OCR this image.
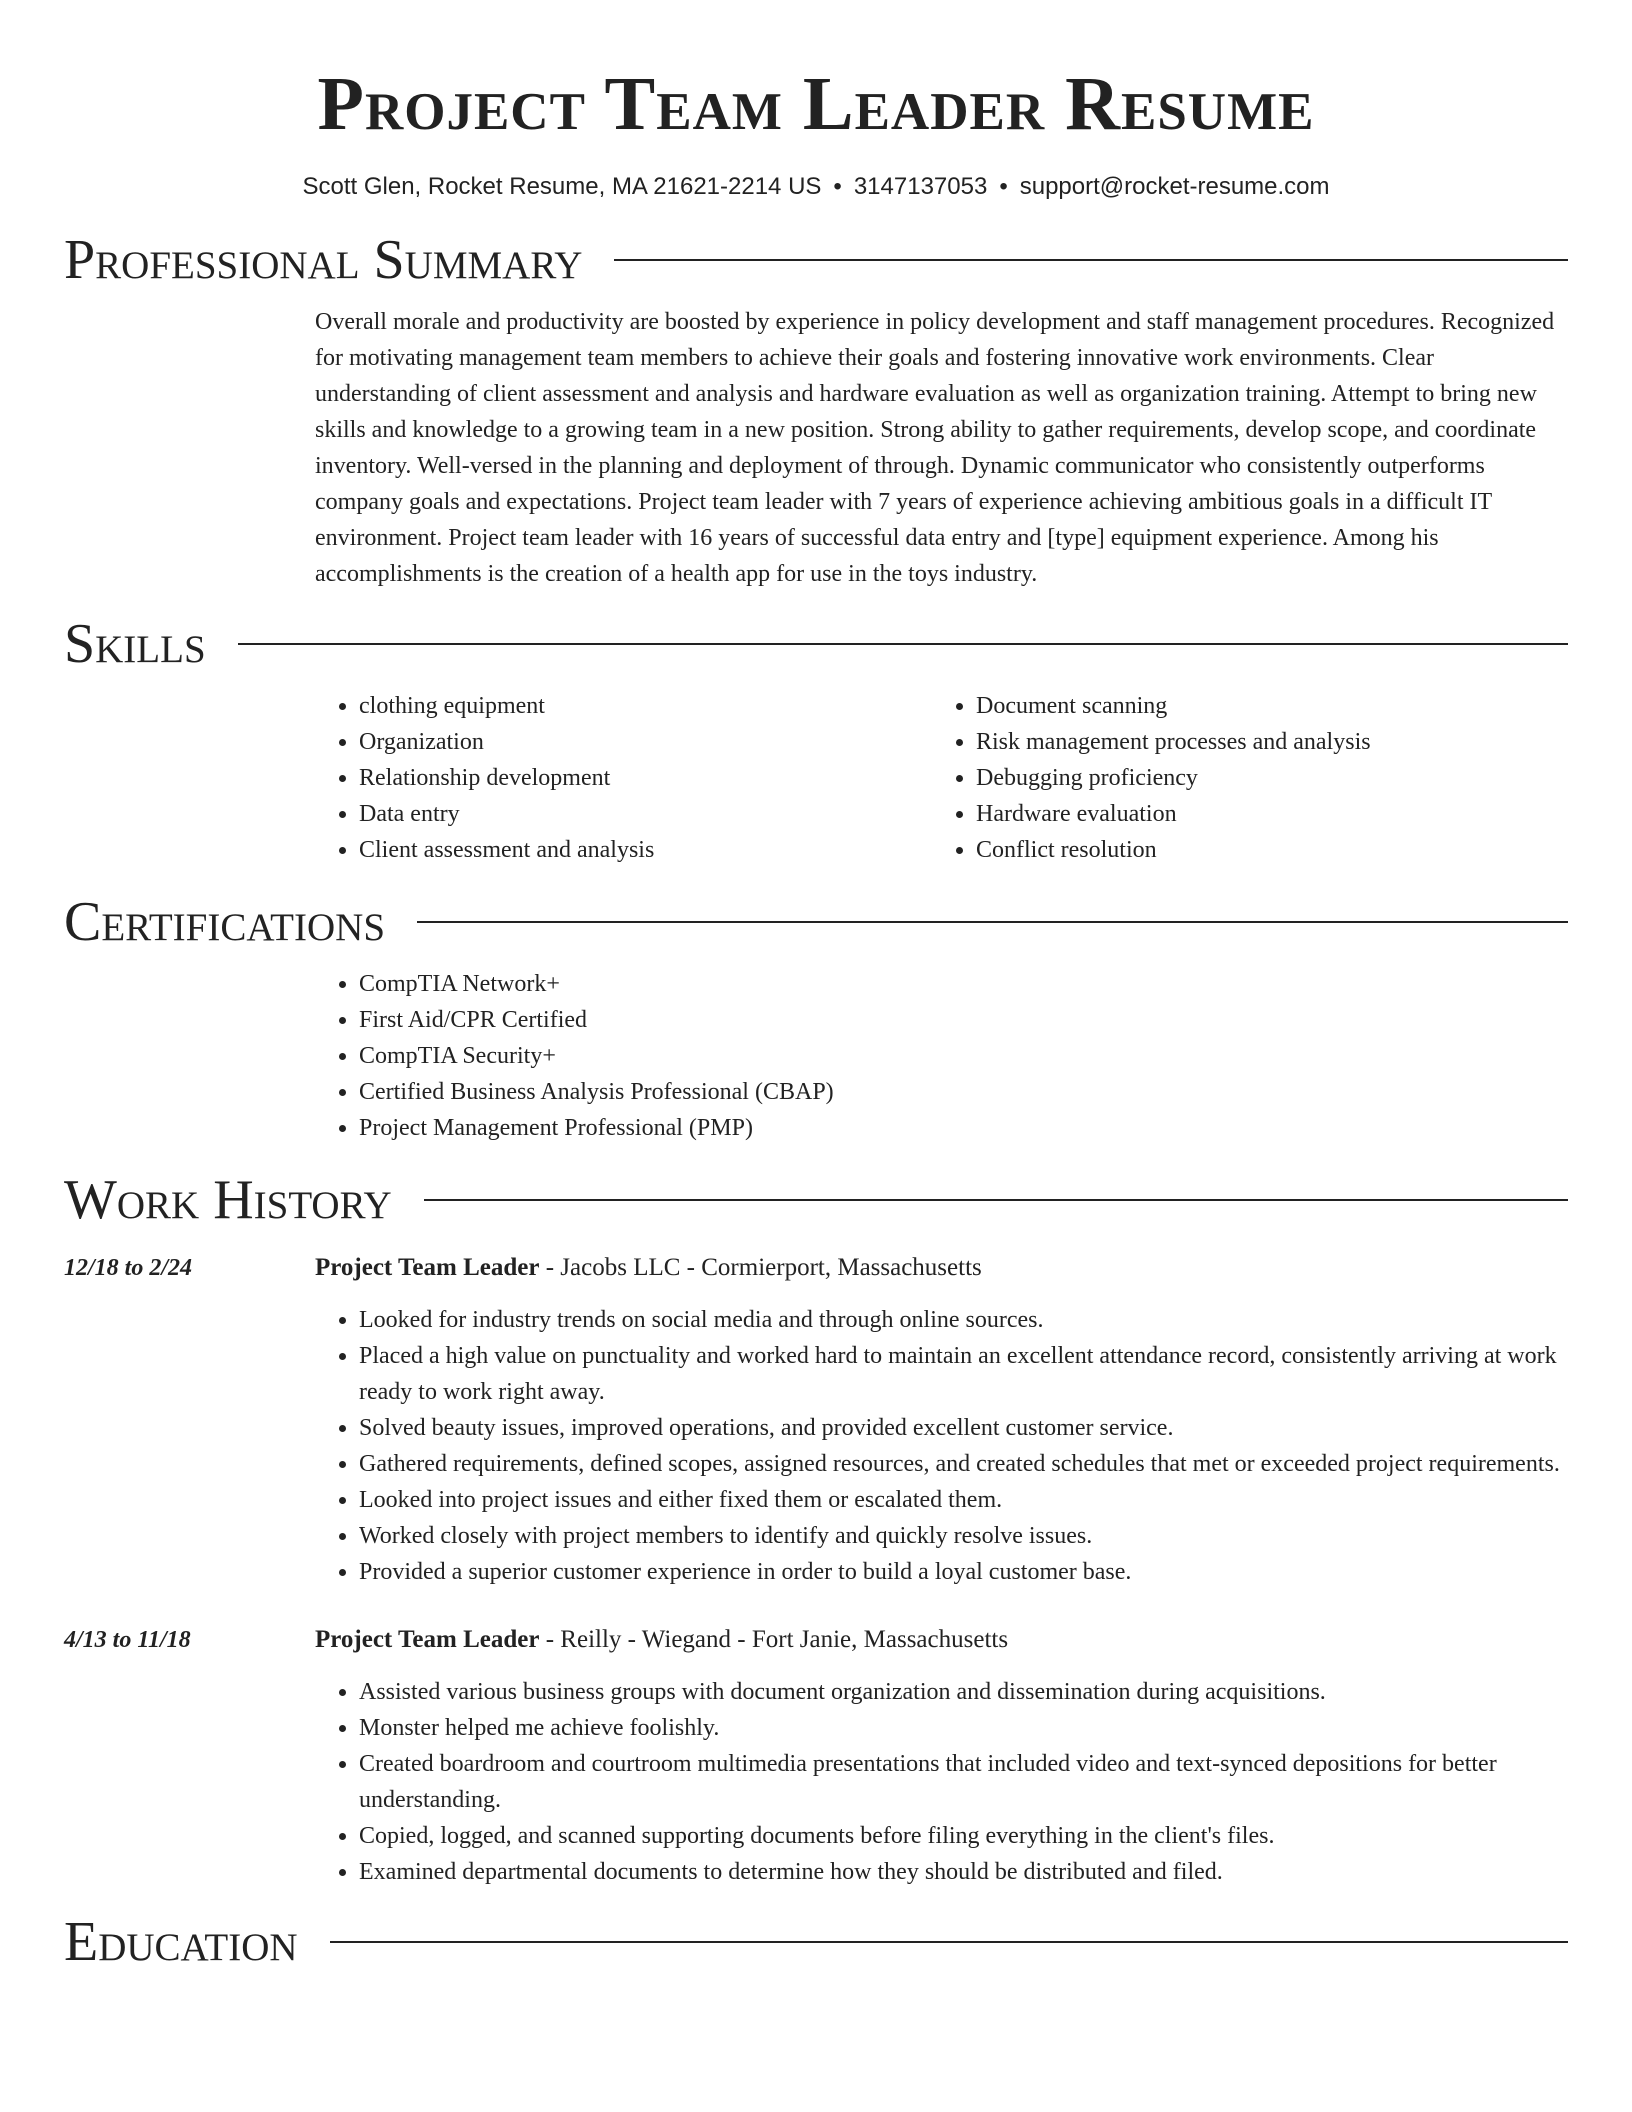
Project Team Leader Resume
Scott Glen, Rocket Resume, MA 21621-2214 US • 3147137053 • support@rocket-resume.com
Professional Summary

Overall morale and productivity are boosted by experience in policy development and staff management procedures. Recognized for motivating management team members to achieve their goals and fostering innovative work environments. Clear understanding of client assessment and analysis and hardware evaluation as well as organization training. Attempt to bring new skills and knowledge to a growing team in a new position. Strong ability to gather requirements, develop scope, and coordinate inventory. Well-versed in the planning and deployment of through. Dynamic communicator who consistently outperforms company goals and expectations. Project team leader with 7 years of experience achieving ambitious goals in a difficult IT environment. Project team leader with 16 years of successful data entry and [type] equipment experience. Among his accomplishments is the creation of a health app for use in the toys industry.

Skills
• clothing equipment
• Organization
• Relationship development
• Data entry
• Client assessment and analysis
• Document scanning
• Risk management processes and analysis
• Debugging proficiency
• Hardware evaluation
• Conflict resolution
Certifications
• CompTIA Network+
• First Aid/CPR Certified
• CompTIA Security+
• Certified Business Analysis Professional (CBAP)
• Project Management Professional (PMP)
Work History
12/18 to 2/24	Project Team Leader - Jacobs LLC - Cormierport, Massachusetts
• Looked for industry trends on social media and through online sources.
• Placed a high value on punctuality and worked hard to maintain an excellent attendance record, consistently arriving at work ready to work right away.
• Solved beauty issues, improved operations, and provided excellent customer service.
• Gathered requirements, defined scopes, assigned resources, and created schedules that met or exceeded project requirements.
• Looked into project issues and either fixed them or escalated them.
• Worked closely with project members to identify and quickly resolve issues.
• Provided a superior customer experience in order to build a loyal customer base.
4/13 to 11/18	Project Team Leader - Reilly - Wiegand - Fort Janie, Massachusetts
• Assisted various business groups with document organization and dissemination during acquisitions.
• Monster helped me achieve foolishly.
• Created boardroom and courtroom multimedia presentations that included video and text-synced depositions for better understanding.
• Copied, logged, and scanned supporting documents before filing everything in the client's files.
• Examined departmental documents to determine how they should be distributed and filed.
Education
